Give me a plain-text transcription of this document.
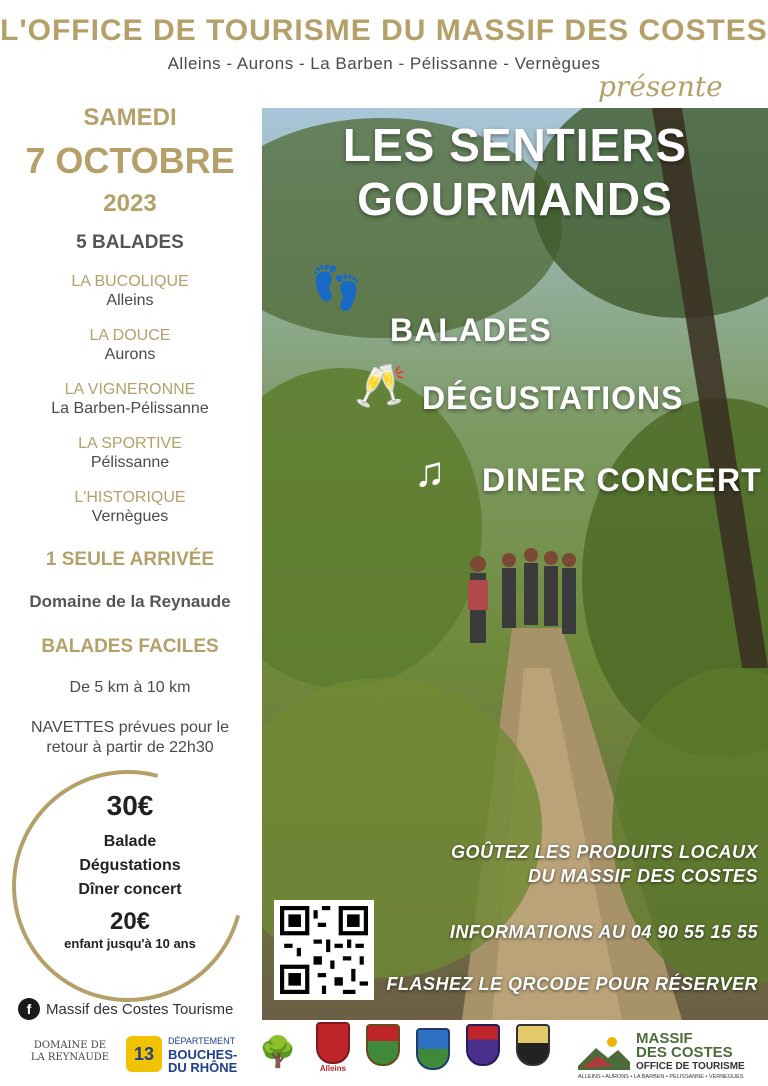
L'OFFICE DE TOURISME DU MASSIF DES COSTES
Alleins - Aurons - La Barben - Pélissanne - Vernègues
présente
SAMEDI
7 OCTOBRE
2023
5 BALADES
LA BUCOLIQUE
Alleins
LA DOUCE
Aurons
LA VIGNERONNE
La Barben-Pélissanne
LA SPORTIVE
Pélissanne
L'HISTORIQUE
Vernègues
1 SEULE ARRIVÉE
Domaine de la Reynaude
BALADES FACILES
De 5 km à 10 km
NAVETTES prévues pour le
retour à partir de 22h30
30€
Balade
Dégustations
Dîner concert
20€
enfant jusqu'à 10 ans
f Massif des Costes Tourisme
LES SENTIERS
GOURMANDS
👣
BALADES
🥂 DÉGUSTATIONS
♫ DINER CONCERT
GOÛTEZ LES PRODUITS LOCAUX
DU MASSIF DES COSTES
INFORMATIONS AU 04 90 55 15 55
FLASHEZ LE QRCODE POUR RÉSERVER
DOMAINE DE
LA REYNAUDE	13
DÉPARTEMENT
BOUCHES-
DU RHÔNE 🌳	Alleins
MASSIF
DES COSTES
OFFICE DE TOURISME
ALLEINS • AURONS • LA BARBEN • PÉLISSANNE • VERNÈGUES
